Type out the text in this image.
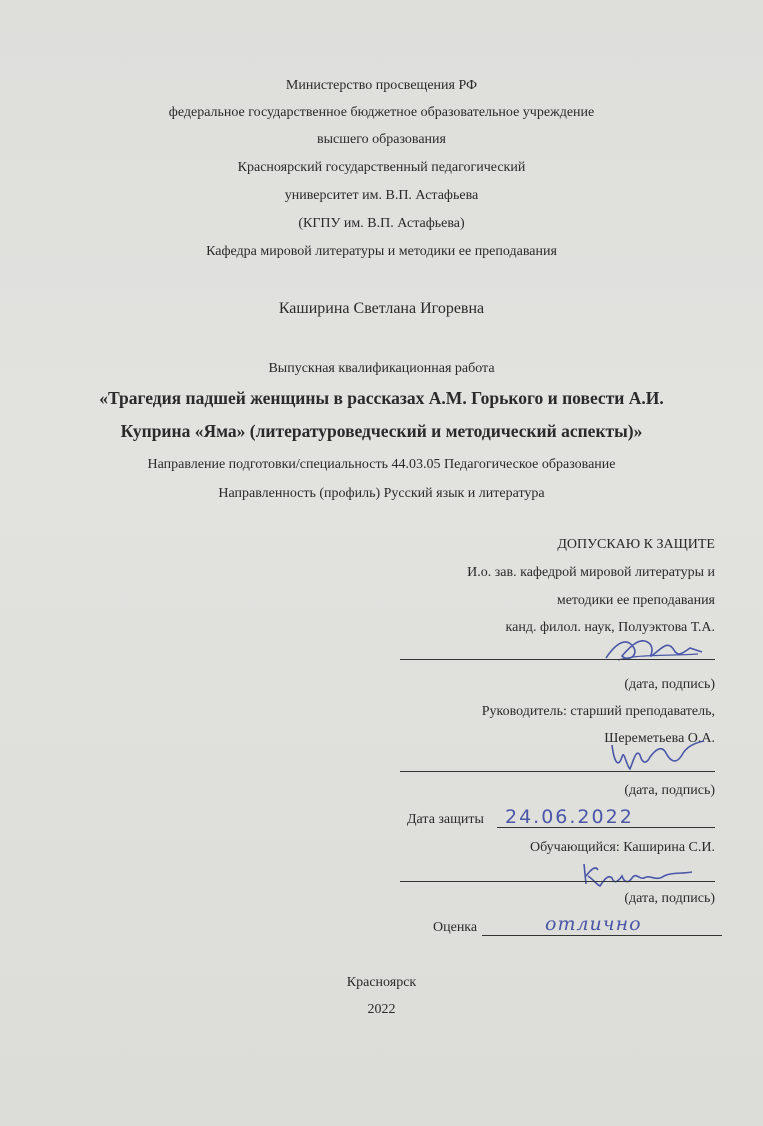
Министерство просвещения РФ
федеральное государственное бюджетное образовательное учреждение
высшего образования
Красноярский государственный педагогический
университет им. В.П. Астафьева
(КГПУ им. В.П. Астафьева)
Кафедра мировой литературы и методики ее преподавания
Каширина Светлана Игоревна
Выпускная квалификационная работа
«Трагедия падшей женщины в рассказах А.М. Горького и повести А.И.
Куприна «Яма» (литературоведческий и методический аспекты)»
Направление подготовки/специальность 44.03.05 Педагогическое образование
Направленность (профиль) Русский язык и литература
ДОПУСКАЮ К ЗАЩИТЕ
И.о. зав. кафедрой мировой литературы и
методики ее преподавания
канд. филол. наук, Полуэктова Т.А.
(дата, подпись)
Руководитель: старший преподаватель,
Шереметьева О.А.
(дата, подпись)
Дата защиты 24.06.2022
Обучающийся: Каширина С.И.
(дата, подпись)
Оценка	отлично
Красноярск
2022
